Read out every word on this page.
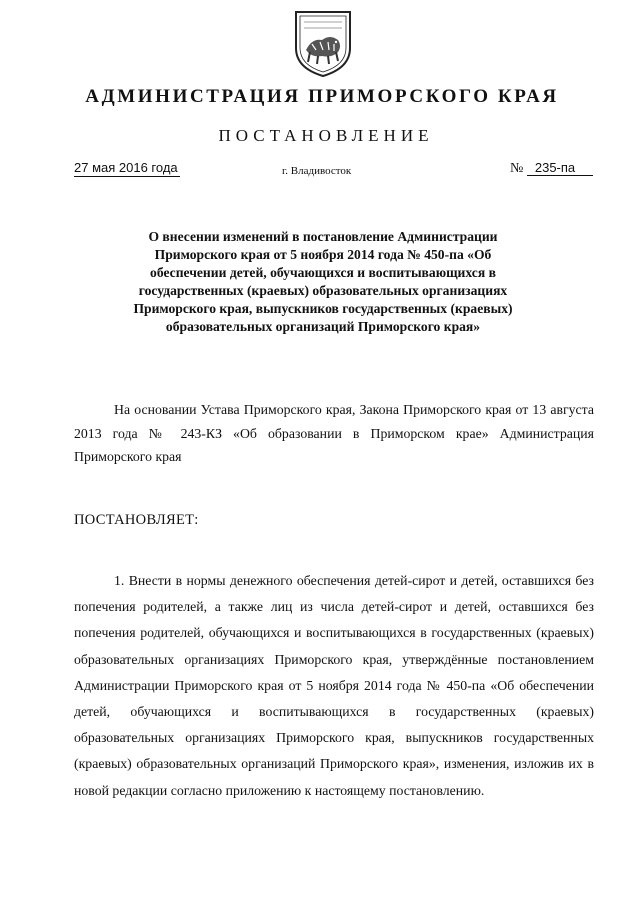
АДМИНИСТРАЦИЯ ПРИМОРСКОГО КРАЯ
ПОСТАНОВЛЕНИЕ
27 мая 2016 года	г. Владивосток	№ 235-па
О внесении изменений в постановление Администрации Приморского края от 5 ноября 2014 года № 450-па «Об обеспечении детей, обучающихся и воспитывающихся в государственных (краевых) образовательных организациях Приморского края, выпускников государственных (краевых) образовательных организаций Приморского края»
На основании Устава Приморского края, Закона Приморского края от 13 августа 2013 года № 243-КЗ «Об образовании в Приморском крае» Администрация Приморского края
ПОСТАНОВЛЯЕТ:
1. Внести в нормы денежного обеспечения детей-сирот и детей, оставшихся без попечения родителей, а также лиц из числа детей-сирот и детей, оставшихся без попечения родителей, обучающихся и воспитывающихся в государственных (краевых) образовательных организациях Приморского края, утверждённые постановлением Администрации Приморского края от 5 ноября 2014 года № 450-па «Об обеспечении детей, обучающихся и воспитывающихся в государственных (краевых) образовательных организациях Приморского края, выпускников государственных (краевых) образовательных организаций Приморского края», изменения, изложив их в новой редакции согласно приложению к настоящему постановлению.
